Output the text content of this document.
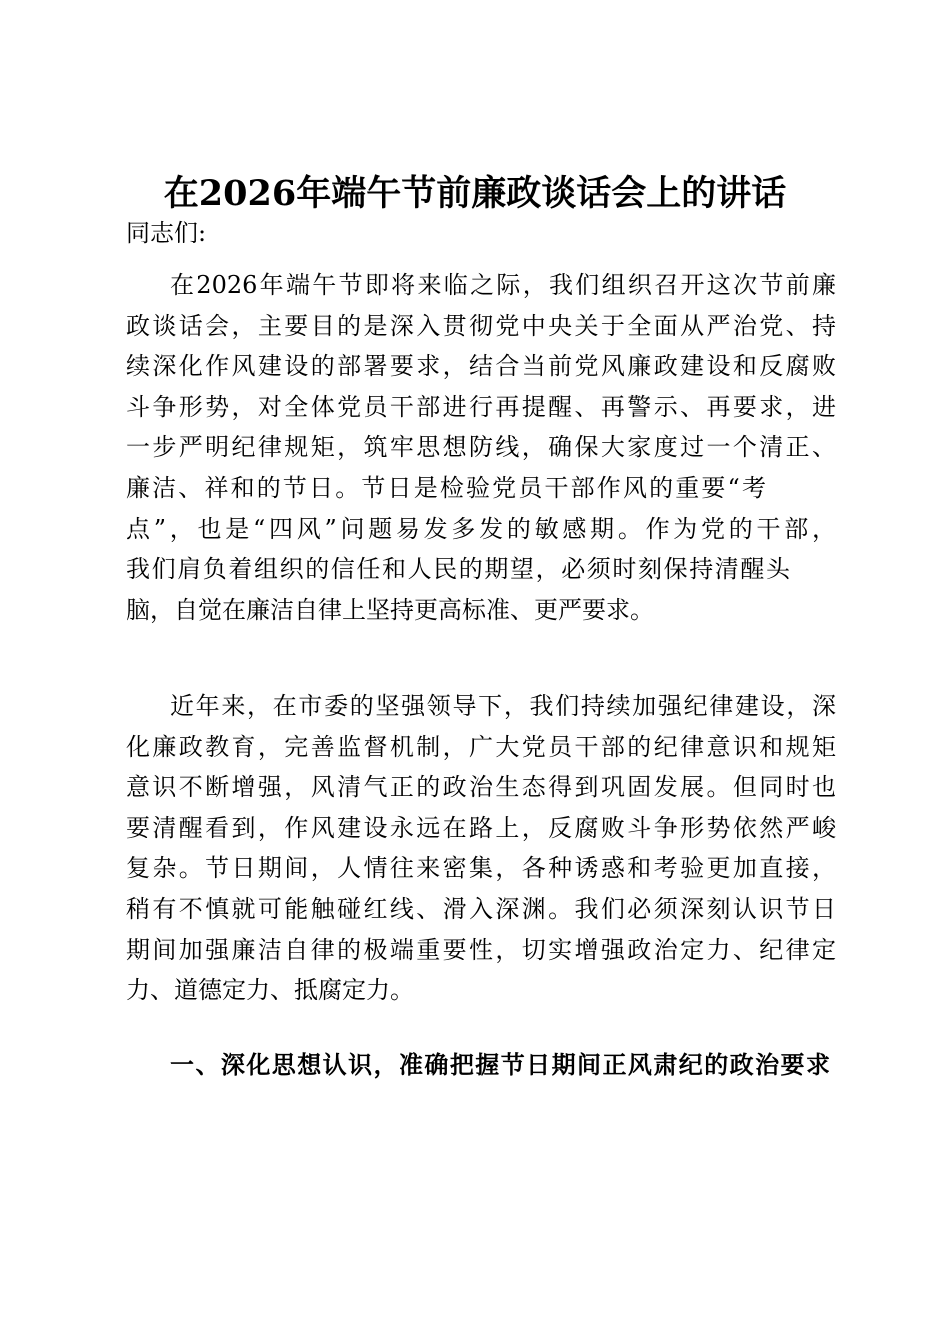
在2026年端午节前廉政谈话会上的讲话
同志们:
在2026年端午节即将来临之际，我们组织召开这次节前廉
政谈话会，主要目的是深入贯彻党中央关于全面从严治党、持
续深化作风建设的部署要求，结合当前党风廉政建设和反腐败
斗争形势，对全体党员干部进行再提醒、再警示、再要求，进
一步严明纪律规矩，筑牢思想防线，确保大家度过一个清正、
廉洁、祥和的节日。节日是检验党员干部作风的重要“考
点”，也是“四风”问题易发多发的敏感期。作为党的干部，
我们肩负着组织的信任和人民的期望，必须时刻保持清醒头
脑，自觉在廉洁自律上坚持更高标准、更严要求。
近年来，在市委的坚强领导下，我们持续加强纪律建设，深
化廉政教育，完善监督机制，广大党员干部的纪律意识和规矩
意识不断增强，风清气正的政治生态得到巩固发展。但同时也
要清醒看到，作风建设永远在路上，反腐败斗争形势依然严峻
复杂。节日期间，人情往来密集，各种诱惑和考验更加直接，
稍有不慎就可能触碰红线、滑入深渊。我们必须深刻认识节日
期间加强廉洁自律的极端重要性，切实增强政治定力、纪律定
力、道德定力、抵腐定力。
一、深化思想认识，准确把握节日期间正风肃纪的政治要求
